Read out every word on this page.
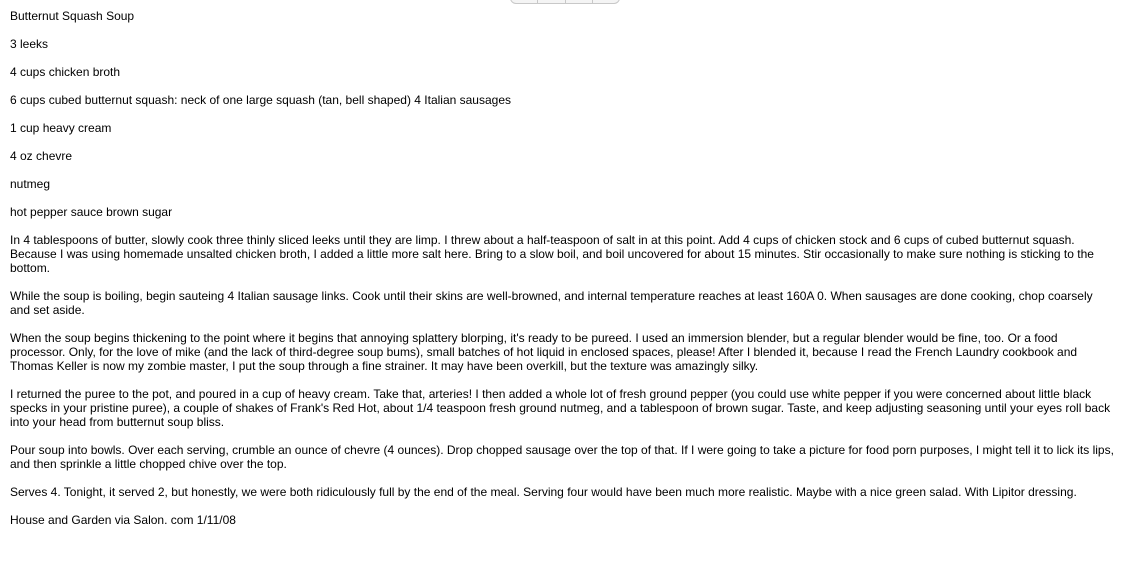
Butternut Squash Soup

3 leeks

4 cups chicken broth

6 cups cubed butternut squash: neck of one large squash (tan, bell shaped) 4 Italian sausages

1 cup heavy cream

4 oz chevre

nutmeg

hot pepper sauce brown sugar

In 4 tablespoons of butter, slowly cook three thinly sliced leeks until they are limp. I threw about a half-teaspoon of salt in at this point. Add 4 cups of chicken stock and 6 cups of cubed butternut squash. Because I was using homemade unsalted chicken broth, I added a little more salt here. Bring to a slow boil, and boil uncovered for about 15 minutes. Stir occasionally to make sure nothing is sticking to the bottom.

While the soup is boiling, begin sauteing 4 Italian sausage links. Cook until their skins are well-browned, and internal temperature reaches at least 160A 0. When sausages are done cooking, chop coarsely and set aside.

When the soup begins thickening to the point where it begins that annoying splattery blorping, it's ready to be pureed. I used an immersion blender, but a regular blender would be fine, too. Or a food processor. Only, for the love of mike (and the lack of third-degree soup bums), small batches of hot liquid in enclosed spaces, please! After I blended it, because I read the French Laundry cookbook and Thomas Keller is now my zombie master, I put the soup through a fine strainer. It may have been overkill, but the texture was amazingly silky.

I returned the puree to the pot, and poured in a cup of heavy cream. Take that, arteries! I then added a whole lot of fresh ground pepper (you could use white pepper if you were concerned about little black specks in your pristine puree), a couple of shakes of Frank's Red Hot, about 1/4 teaspoon fresh ground nutmeg, and a tablespoon of brown sugar. Taste, and keep adjusting seasoning until your eyes roll back into your head from butternut soup bliss.

Pour soup into bowls. Over each serving, crumble an ounce of chevre (4 ounces). Drop chopped sausage over the top of that. If I were going to take a picture for food porn purposes, I might tell it to lick its lips, and then sprinkle a little chopped chive over the top.

Serves 4. Tonight, it served 2, but honestly, we were both ridiculously full by the end of the meal. Serving four would have been much more realistic. Maybe with a nice green salad. With Lipitor dressing.

House and Garden via Salon. com 1/11/08
